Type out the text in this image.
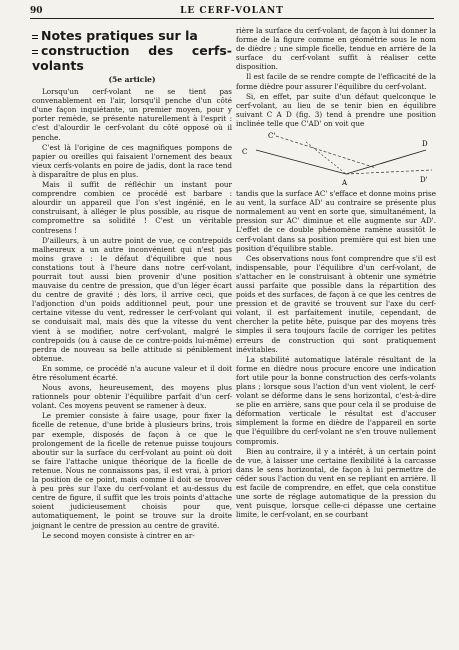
90	LE CERF-VOLANT
Notes pratiques sur la
construction des cerfs-volants
(5e article)

Lorsqu'un cerf-volant ne se tient pas convenablement en l'air, lorsqu'il penche d'un côté d'une façon inquiétante, un premier moyen, pour y porter remède, se présente naturellement à l'esprit : c'est d'alourdir le cerf-volant du côté opposé où il penche.

C'est là l'origine de ces magnifiques pompons de papier ou oreilles qui faisaient l'ornement des beaux vieux cerfs-volants en poire de jadis, dont la race tend à disparaître de plus en plus.

Mais il suffit de réfléchir un instant pour comprendre combien ce procédé est barbare : alourdir un appareil que l'on s'est ingénié, en le construisant, à alléger le plus possible, au risque de compromettre sa solidité ! C'est un véritable contresens !

D'ailleurs, à un autre point de vue, ce contrepoids malheureux a un autre inconvénient qui n'est pas moins grave : le défaut d'équilibre que nous constations tout à l'heure dans notre cerf-volant, pourrait tout aussi bien provenir d'une position mauvaise du centre de pression, que d'un léger écart du centre de gravité ; dès lors, il arrive ceci, que l'adjonction d'un poids additionnel peut, pour une certaine vitesse du vent, redresser le cerf-volant qui se conduisait mal, mais dès que la vitesse du vent vient à se modifier, notre cerf-volant, malgré le contrepoids (ou à cause de ce contre-poids lui-même) perdra de nouveau sa belle attitude si péniblement obtenue.

En somme, ce procédé n'a aucune valeur et il doit être résolument écarté.

Nous avons, heureusement, des moyens plus rationnels pour obtenir l'équilibre parfait d'un cerf-volant. Ces moyens peuvent se ramener à deux.

Le premier consiste à faire usage, pour fixer la ficelle de retenue, d'une bride à plusieurs brins, trois par exemple, disposés de façon à ce que le prolongement de la ficelle de retenue puisse toujours aboutir sur la surface du cerf-volant au point où doit se faire l'attache unique théorique de la ficelle de retenue. Nous ne connaissons pas, il est vrai, à priori la position de ce point, mais comme il doit se trouver à peu près sur l'axe du cerf-volant et au-dessus du centre de figure, il suffit que les trois points d'attache soient judicieusement choisis pour que, automatiquement, le point se trouve sur la droite joignant le centre de pression au centre de gravité.

Le second moyen consiste à cintrer en ar-

rière la surface du cerf-volant, de façon à lui donner la forme de la figure comme en géométrie sous le nom de dièdre ; une simple ficelle, tendue en arrière de la surface du cerf-volant suffit à réaliser cette disposition.

Il est facile de se rendre compte de l'efficacité de la forme dièdre pour assurer l'équilibre du cerf-volant.

Si, en effet, par suite d'un défaut quelconque le cerf-volant, au lieu de se tenir bien en équilibre suivant C A D (fig. 3) tend à prendre une position inclinée telle que C'AD' on voit que

C
C'
A
D
D'

tandis que la surface AC' s'efface et donne moins prise au vent, la surface AD' au contraire se présente plus normalement au vent en sorte que, simultanément, la pression sur AC' diminue et elle augmente sur AD'. L'effet de ce double phénomène ramène aussitôt le cerf-volant dans sa position première qui est bien une position d'équilibre stable.

Ces observations nous font comprendre que s'il est indispensable, pour l'équilibre d'un cerf-volant, de s'attacher en le construisant à obtenir une symétrie aussi parfaite que possible dans la répartition des poids et des surfaces, de façon à ce que les centres de pression et de gravité se trouvent sur l'axe du cerf-volant, il est parfaitement inutile, cependant, de chercher la petite bête, puisque par des moyens très simples il sera toujours facile de corriger les petites erreurs de construction qui sont pratiquement inévitables.

La stabilité automatique latérale résultant de la forme en dièdre nous procure encore une indication fort utile pour la bonne construction des cerfs-volants plans ; lorsque sous l'action d'un vent violent, le cerf-volant se déforme dans le sens horizontal, c'est-à-dire se plie en arrière, sans que pour cela il se produise de déformation verticale le résultat est d'accuser simplement la forme en dièdre de l'appareil en sorte que l'équilibre du cerf-volant ne s'en trouve nullement compromis.

Bien au contraire, il y a intérêt, à un certain point de vue, à laisser une certaine flexibilité à la carcasse dans le sens horizontal, de façon à lui permettre de céder sous l'action du vent en se repliant en arrière. Il est facile de comprendre, en effet, que cela constitue une sorte de réglage automatique de la pression du vent puisque, lorsque celle-ci dépasse une certaine limite, le cerf-volant, en se courbant
